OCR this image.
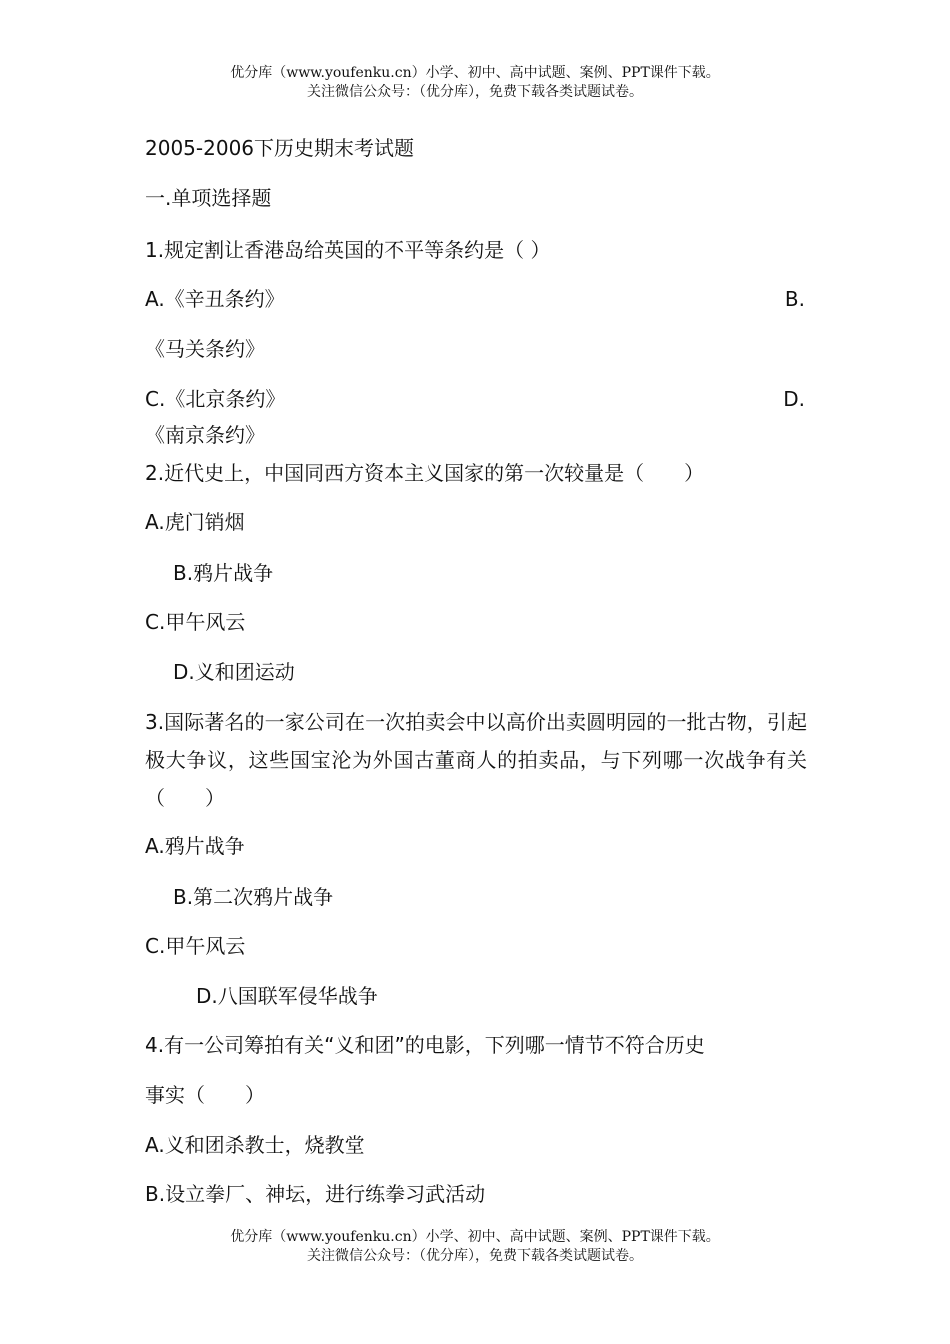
优分库（www.youfenku.cn）小学、初中、高中试题、案例、PPT课件下载。
关注微信公众号：（优分库），免费下载各类试题试卷。
2005-2006下历史期末考试题
一.单项选择题
1.规定割让香港岛给英国的不平等条约是（ ）
A.《辛丑条约》	B.
《马关条约》
C.《北京条约》	D.
《南京条约》
2.近代史上，中国同西方资本主义国家的第一次较量是（　　）
A.虎门销烟
B.鸦片战争
C.甲午风云
D.义和团运动
3.国际著名的一家公司在一次拍卖会中以高价出卖圆明园的一批古物，引起极大争议，这些国宝沦为外国古董商人的拍卖品，与下列哪一次战争有关（　　）
A.鸦片战争
B.第二次鸦片战争
C.甲午风云
D.八国联军侵华战争
4.有一公司筹拍有关“义和团”的电影，下列哪一情节不符合历史
事实（　　）
A.义和团杀教士，烧教堂
B.设立拳厂、神坛，进行练拳习武活动
优分库（www.youfenku.cn）小学、初中、高中试题、案例、PPT课件下载。
关注微信公众号：（优分库），免费下载各类试题试卷。
